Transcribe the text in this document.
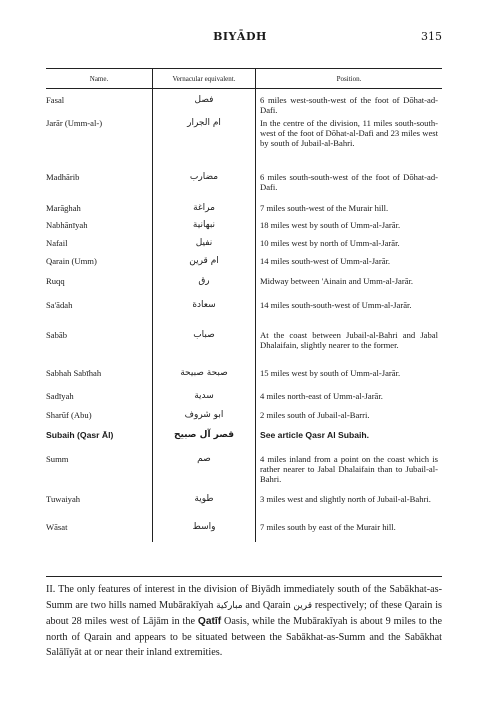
BIYĀDH	315
Name.	Vernacular equivalent.	Position.
Fasal	فصل	6 miles west-south-west of the foot of Dōhat-ad-Dafi.
Jarār (Umm-al-)	ام الجرار	In the centre of the division, 11 miles south-south-west of the foot of Dōhat-al-Dafi and 23 miles west by south of Jubail-al-Bahri.
Madhārib	مضارب	6 miles south-south-west of the foot of Dōhat-ad-Dafi.
Marāghah	مراغة	7 miles south-west of the Murair hill.
Nabhānīyah	نبهانية	18 miles west by south of Umm-al-Jarār.
Nafail	نفيل	10 miles west by north of Umm-al-Jarār.
Qarain (Umm)	ام قرين	14 miles south-west of Umm-al-Jarār.
Ruqq	رق	Midway between 'Ainain and Umm-al-Jarār.
Sa'ādah	سعادة	14 miles south-south-west of Umm-al-Jarār.
Sabāb	صباب	At the coast between Jubail-al-Bahri and Jabal Dhalaifain, slightly nearer to the former.
Sabhah Sabīhah	صبحة صبيحة	15 miles west by south of Umm-al-Jarār.
Sadīyah	سدية	4 miles north-east of Umm-al-Jarār.
Sharūf (Abu)	ابو شروف	2 miles south of Jubail-al-Barri.
Subaih (Qasr Āl)	قصر آل صبيح	See article Qasr Al Subaih.
Summ	صم	4 miles inland from a point on the coast which is rather nearer to Jabal Dhalaifain than to Jubail-al-Bahri.
Tuwaiyah	طوية	3 miles west and slightly north of Jubail-al-Bahri.
Wāsat	واسط	7 miles south by east of the Murair hill.

II. The only features of interest in the division of Biyādh immediately south of the Sabākhat-as-Summ are two hills named Mubārakīyah مباركية and Qarain قرين respectively; of these Qarain is about 28 miles west of Lājām in the Qatīf Oasis, while the Mubārakīyah is about 9 miles to the north of Qarain and appears to be situated between the Sabākhat-as-Summ and the Sabākhat Salālīyāt at or near their inland extremities.
